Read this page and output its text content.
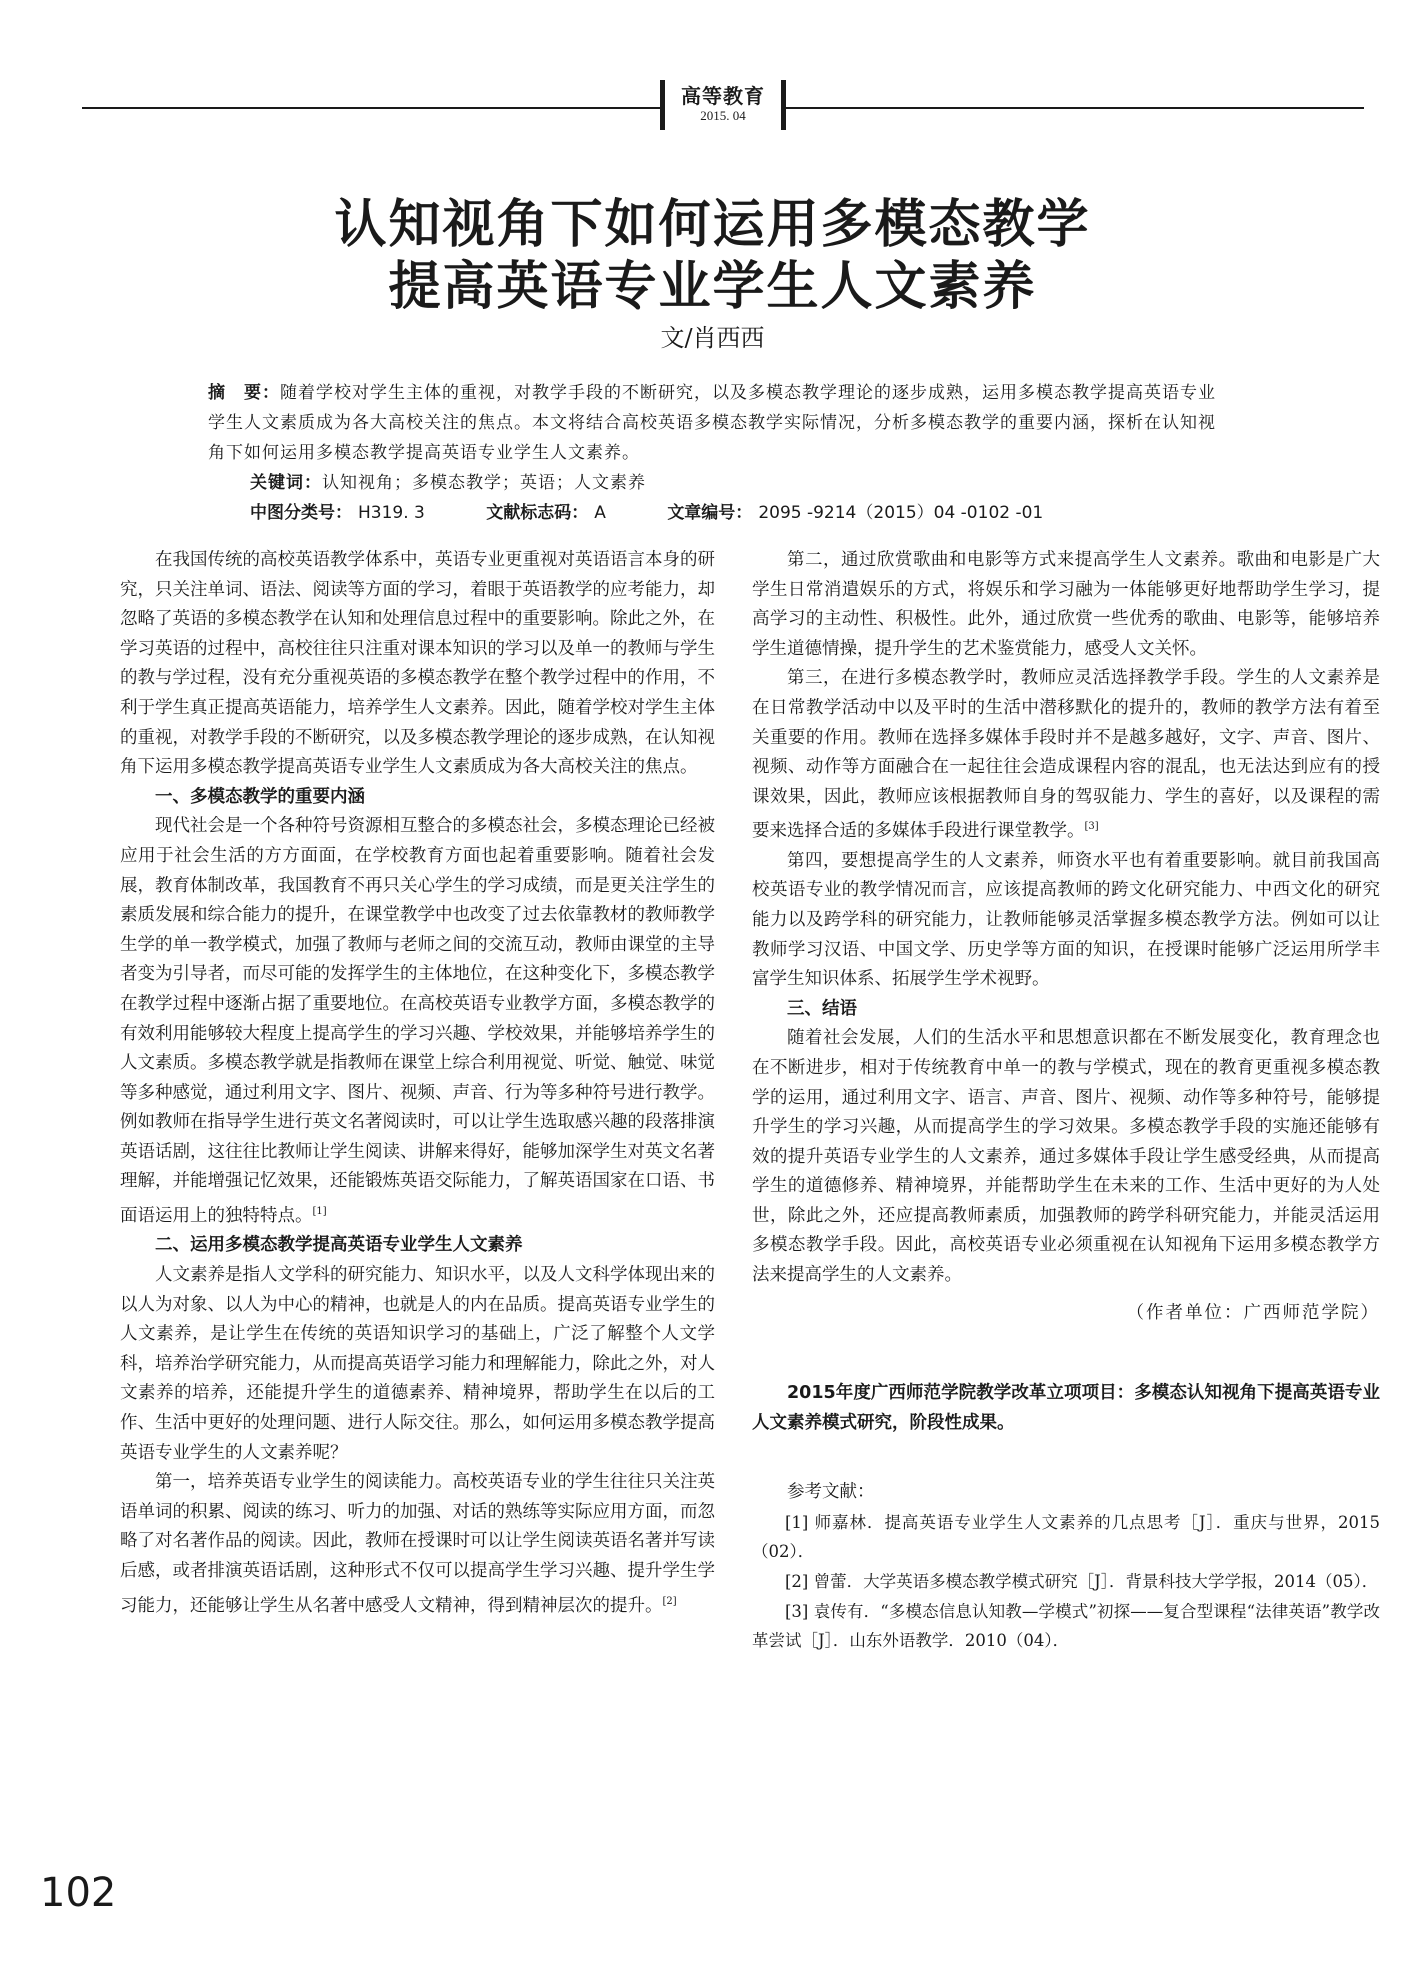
高等教育
2015. 04
认知视角下如何运用多模态教学
提高英语专业学生人文素养
文/肖西西
摘　要：随着学校对学生主体的重视，对教学手段的不断研究，以及多模态教学理论的逐步成熟，运用多模态教学提高英语专业学生人文素质成为各大高校关注的焦点。本文将结合高校英语多模态教学实际情况，分析多模态教学的重要内涵，探析在认知视角下如何运用多模态教学提高英语专业学生人文素养。
关键词：认知视角；多模态教学；英语；人文素养
中图分类号： H319. 3	文献标志码： A	文章编号： 2095 -9214（2015）04 -0102 -01

在我国传统的高校英语教学体系中，英语专业更重视对英语语言本身的研究，只关注单词、语法、阅读等方面的学习，着眼于英语教学的应考能力，却忽略了英语的多模态教学在认知和处理信息过程中的重要影响。除此之外，在学习英语的过程中，高校往往只注重对课本知识的学习以及单一的教师与学生的教与学过程，没有充分重视英语的多模态教学在整个教学过程中的作用，不利于学生真正提高英语能力，培养学生人文素养。因此，随着学校对学生主体的重视，对教学手段的不断研究，以及多模态教学理论的逐步成熟，在认知视角下运用多模态教学提高英语专业学生人文素质成为各大高校关注的焦点。

一、多模态教学的重要内涵

现代社会是一个各种符号资源相互整合的多模态社会，多模态理论已经被应用于社会生活的方方面面，在学校教育方面也起着重要影响。随着社会发展，教育体制改革，我国教育不再只关心学生的学习成绩，而是更关注学生的素质发展和综合能力的提升，在课堂教学中也改变了过去依靠教材的教师教学生学的单一教学模式，加强了教师与老师之间的交流互动，教师由课堂的主导者变为引导者，而尽可能的发挥学生的主体地位，在这种变化下，多模态教学在教学过程中逐渐占据了重要地位。在高校英语专业教学方面，多模态教学的有效利用能够较大程度上提高学生的学习兴趣、学校效果，并能够培养学生的人文素质。多模态教学就是指教师在课堂上综合利用视觉、听觉、触觉、味觉等多种感觉，通过利用文字、图片、视频、声音、行为等多种符号进行教学。例如教师在指导学生进行英文名著阅读时，可以让学生选取感兴趣的段落排演英语话剧，这往往比教师让学生阅读、讲解来得好，能够加深学生对英文名著理解，并能增强记忆效果，还能锻炼英语交际能力，了解英语国家在口语、书面语运用上的独特特点。[1]

二、运用多模态教学提高英语专业学生人文素养

人文素养是指人文学科的研究能力、知识水平，以及人文科学体现出来的以人为对象、以人为中心的精神，也就是人的内在品质。提高英语专业学生的人文素养，是让学生在传统的英语知识学习的基础上，广泛了解整个人文学科，培养治学研究能力，从而提高英语学习能力和理解能力，除此之外，对人文素养的培养，还能提升学生的道德素养、精神境界，帮助学生在以后的工作、生活中更好的处理问题、进行人际交往。那么，如何运用多模态教学提高英语专业学生的人文素养呢？

第一，培养英语专业学生的阅读能力。高校英语专业的学生往往只关注英语单词的积累、阅读的练习、听力的加强、对话的熟练等实际应用方面，而忽略了对名著作品的阅读。因此，教师在授课时可以让学生阅读英语名著并写读后感，或者排演英语话剧，这种形式不仅可以提高学生学习兴趣、提升学生学习能力，还能够让学生从名著中感受人文精神，得到精神层次的提升。[2]

第二，通过欣赏歌曲和电影等方式来提高学生人文素养。歌曲和电影是广大学生日常消遣娱乐的方式，将娱乐和学习融为一体能够更好地帮助学生学习，提高学习的主动性、积极性。此外，通过欣赏一些优秀的歌曲、电影等，能够培养学生道德情操，提升学生的艺术鉴赏能力，感受人文关怀。

第三，在进行多模态教学时，教师应灵活选择教学手段。学生的人文素养是在日常教学活动中以及平时的生活中潜移默化的提升的，教师的教学方法有着至关重要的作用。教师在选择多媒体手段时并不是越多越好，文字、声音、图片、视频、动作等方面融合在一起往往会造成课程内容的混乱，也无法达到应有的授课效果，因此，教师应该根据教师自身的驾驭能力、学生的喜好，以及课程的需要来选择合适的多媒体手段进行课堂教学。[3]

第四，要想提高学生的人文素养，师资水平也有着重要影响。就目前我国高校英语专业的教学情况而言，应该提高教师的跨文化研究能力、中西文化的研究能力以及跨学科的研究能力，让教师能够灵活掌握多模态教学方法。例如可以让教师学习汉语、中国文学、历史学等方面的知识，在授课时能够广泛运用所学丰富学生知识体系、拓展学生学术视野。

三、结语

随着社会发展，人们的生活水平和思想意识都在不断发展变化，教育理念也在不断进步，相对于传统教育中单一的教与学模式，现在的教育更重视多模态教学的运用，通过利用文字、语言、声音、图片、视频、动作等多种符号，能够提升学生的学习兴趣，从而提高学生的学习效果。多模态教学手段的实施还能够有效的提升英语专业学生的人文素养，通过多媒体手段让学生感受经典，从而提高学生的道德修养、精神境界，并能帮助学生在未来的工作、生活中更好的为人处世，除此之外，还应提高教师素质，加强教师的跨学科研究能力，并能灵活运用多模态教学手段。因此，高校英语专业必须重视在认知视角下运用多模态教学方法来提高学生的人文素养。

（作者单位：广西师范学院）

2015年度广西师范学院教学改革立项项目：多模态认知视角下提高英语专业人文素养模式研究，阶段性成果。

参考文献：

[1] 师嘉林．提高英语专业学生人文素养的几点思考［J］．重庆与世界，2015（02）．

[2] 曾蕾．大学英语多模态教学模式研究［J］．背景科技大学学报，2014（05）．

[3] 袁传有．“多模态信息认知教—学模式”初探——复合型课程“法律英语”教学改革尝试［J］．山东外语教学．2010（04）．

102
